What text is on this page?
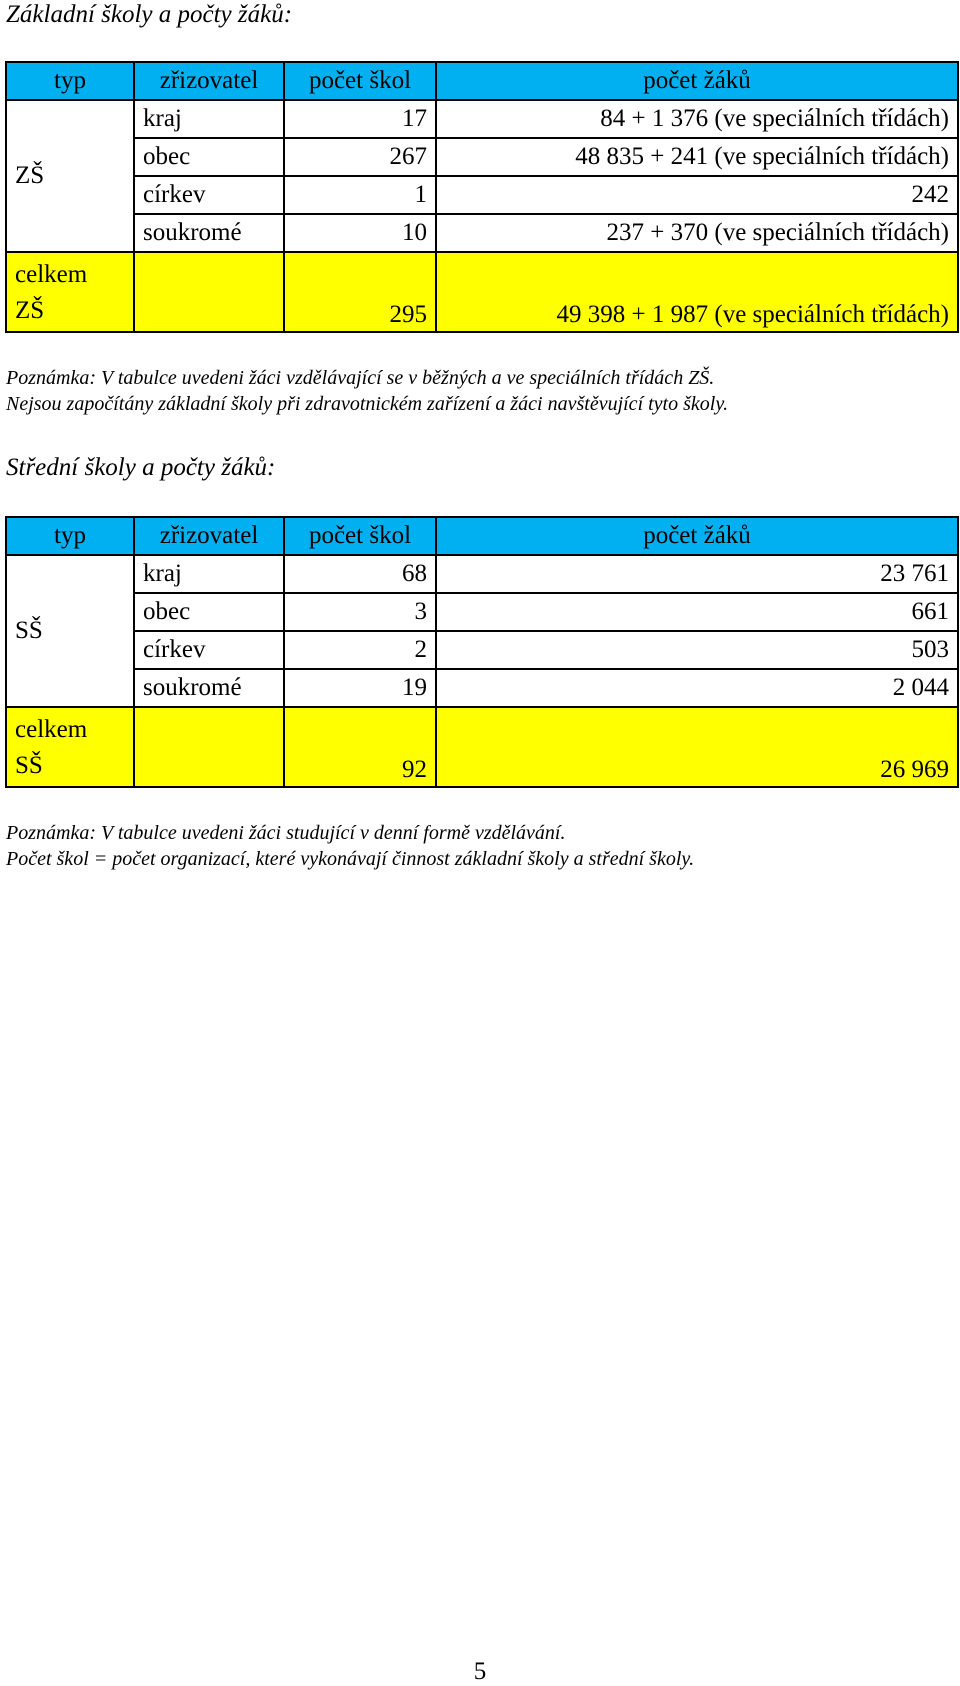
Základní školy a počty žáků:
typ	zřizovatel	počet škol	počet žáků
ZŠ	kraj	17	84 + 1 376 (ve speciálních třídách)
	obec	267	48 835 + 241 (ve speciálních třídách)
	církev	1	242
	soukromé	10	237 + 370 (ve speciálních třídách)
celkem
ZŠ		295	49 398 + 1 987 (ve speciálních třídách)
Poznámka: V tabulce uvedeni žáci vzdělávající se v běžných a ve speciálních třídách ZŠ.
Nejsou započítány základní školy při zdravotnickém zařízení a žáci navštěvující tyto školy.
Střední školy a počty žáků:
typ	zřizovatel	počet škol	počet žáků
SŠ	kraj	68	23 761
	obec	3	661
	církev	2	503
	soukromé	19	2 044
celkem
SŠ		92	26 969
Poznámka: V tabulce uvedeni žáci studující v denní formě vzdělávání.
Počet škol = počet organizací, které vykonávají činnost základní školy a střední školy.
5
